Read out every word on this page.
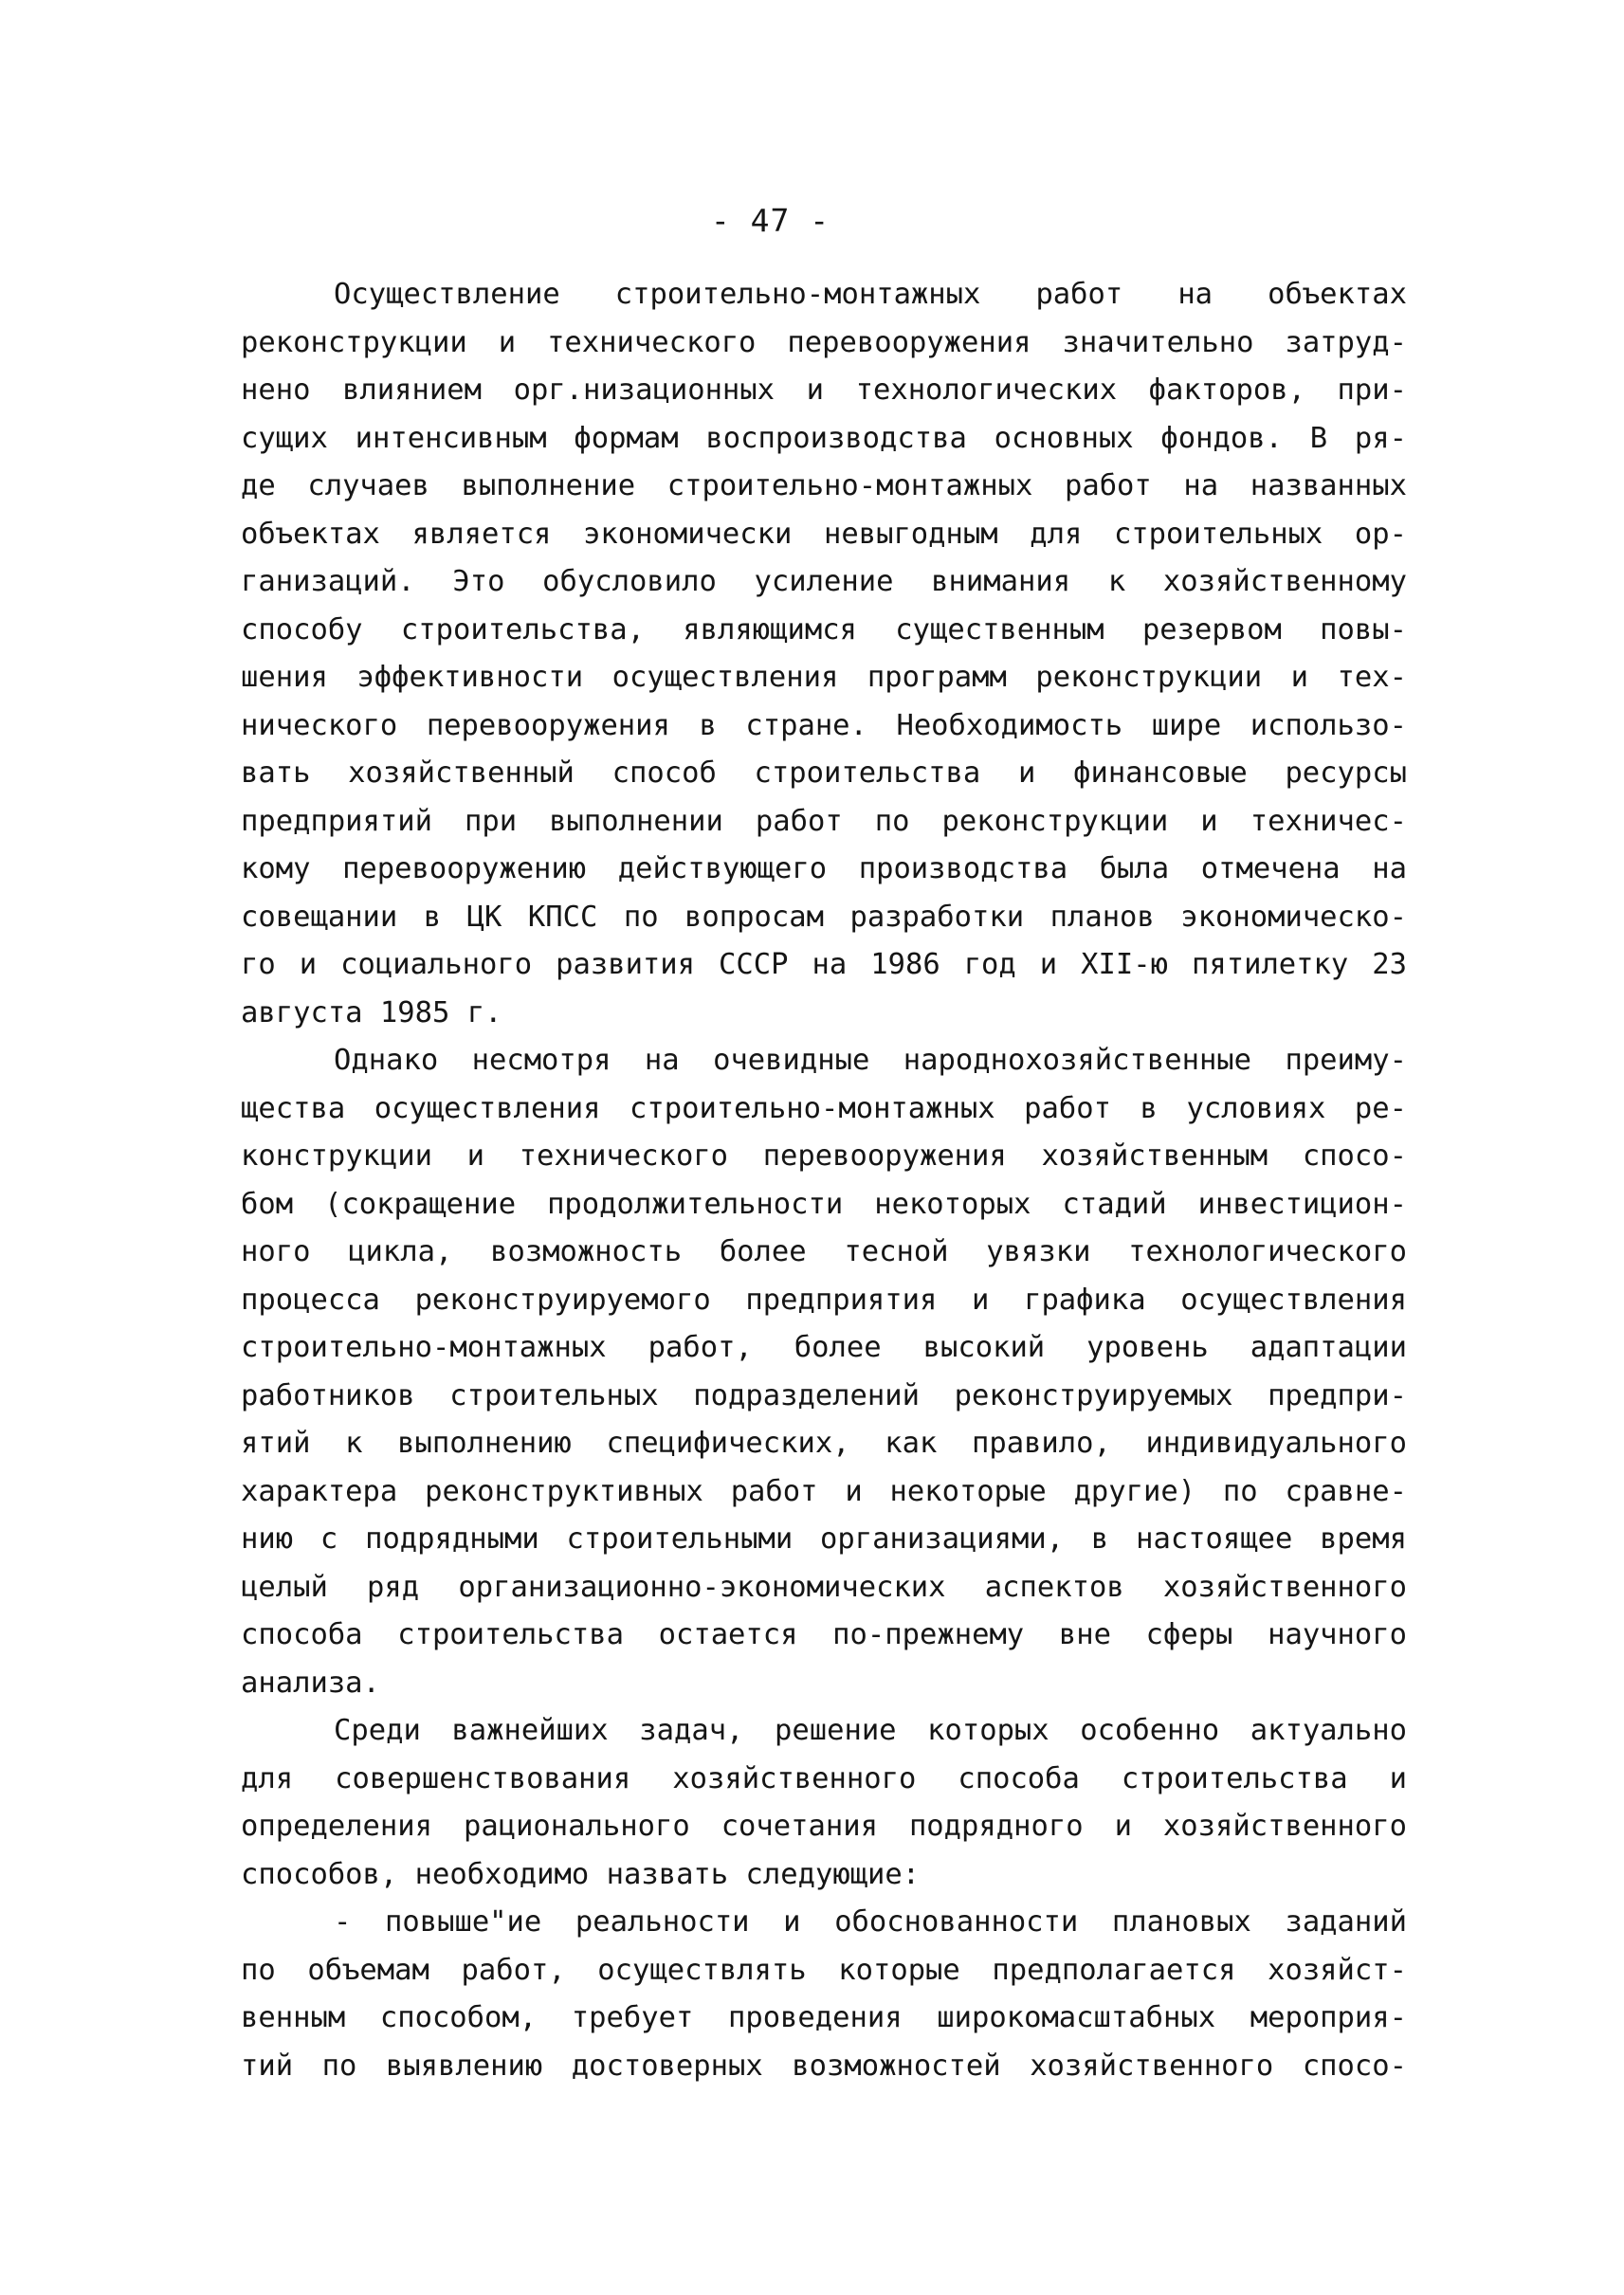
- 47 -
Осуществление строительно-монтажных работ на объектах
реконструкции и технического перевооружения значительно затруд-
нено влиянием орг.низационных и технологических факторов, при-
сущих интенсивным формам воспроизводства основных фондов. В ря-
де случаев выполнение строительно-монтажных работ на названных
объектах является экономически невыгодным для строительных ор-
ганизаций. Это обусловило усиление внимания к хозяйственному
способу строительства, являющимся существенным резервом повы-
шения эффективности осуществления программ реконструкции и тех-
нического перевооружения в стране. Необходимость шире использо-
вать хозяйственный способ строительства и финансовые ресурсы
предприятий при выполнении работ по реконструкции и техничес-
кому перевооружению действующего производства была отмечена на
совещании в ЦК КПСС по вопросам разработки планов экономическо-
го и социального развития СССР на 1986 год и XII-ю пятилетку 23
августа 1985 г.
Однако несмотря на очевидные народнохозяйственные преиму-
щества осуществления строительно-монтажных работ в условиях ре-
конструкции и технического перевооружения хозяйственным спосо-
бом (сокращение продолжительности некоторых стадий инвестицион-
ного цикла, возможность более тесной увязки технологического
процесса реконструируемого предприятия и графика осуществления
строительно-монтажных работ, более высокий уровень адаптации
работников строительных подразделений реконструируемых предпри-
ятий к выполнению специфических, как правило, индивидуального
характера реконструктивных работ и некоторые другие) по сравне-
нию с подрядными строительными организациями, в настоящее время
целый ряд организационно-экономических аспектов хозяйственного
способа строительства остается по-прежнему вне сферы научного
анализа.
Среди важнейших задач, решение которых особенно актуально
для совершенствования хозяйственного способа строительства и
определения рационального сочетания подрядного и хозяйственного
способов, необходимо назвать следующие:
- повыше"ие реальности и обоснованности плановых заданий
по объемам работ, осуществлять которые предполагается хозяйст-
венным способом, требует проведения широкомасштабных мероприя-
тий по выявлению достоверных возможностей хозяйственного спосо-
